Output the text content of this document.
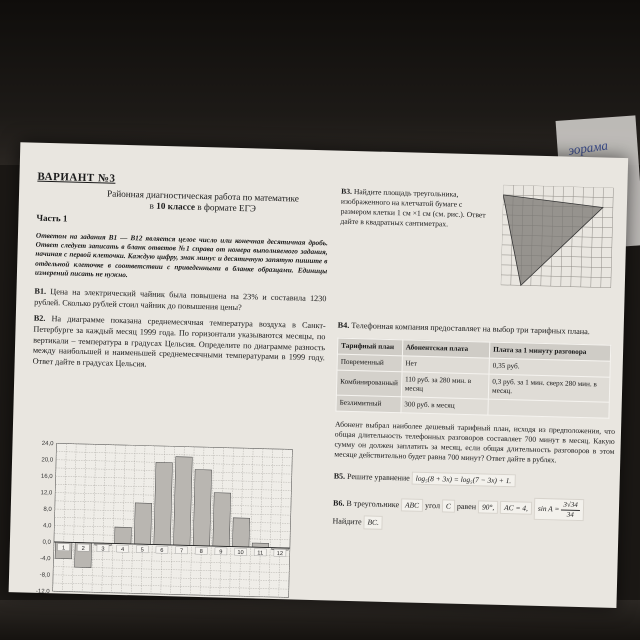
эорама
ВАРИАНТ №3
Районная диагностическая работа по математике
в 10 классе в формате ЕГЭ
Часть 1
Ответом на задания В1 — В12 является целое число или конечная десятичная дробь. Ответ следует записать в бланк ответов №1 справа от номера выполняемого задания, начиная с первой клеточки. Каждую цифру, знак минус и десятичную запятую пишите в отдельной клеточке в соответствии с приведенными в бланке образцами. Единицы измерений писать не нужно.
В1. Цена на электрический чайник была повышена на 23% и составила 1230 рублей. Сколько рублей стоил чайник до повышения цены?
В2. На диаграмме показана среднемесячная температура воздуха в Санкт-Петербурге за каждый месяц 1999 года. По горизонтали указываются месяцы, по вертикали – температура в градусах Цельсия. Определите по диаграмме разность между наибольшей и наименьшей среднемесячными температурами в 1999 году. Ответ дайте в градусах Цельсия.
1	2	3	4	5	6	7	8	9	10 11 12
24,0
20,0
16,0
12,0
8,0
4,0
0,0
-4,0
-8,0
-12,0
В3. Найдите площадь треугольника, изображенного на клетчатой бумаге с размером клетки 1 см ×1 см (см. рис.). Ответ дайте в квадратных сантиметрах.
В4. Телефонная компания предоставляет на выбор три тарифных плана.
Тарифный план	Абонентская плата	Плата за 1 минуту разговора
Повременный	Нет	0,35 руб.
Комбинированный	110 руб. за 280 мин. в месяц	0,3 руб. за 1 мин. сверх 280 мин. в месяц.
Безлимитный	300 руб. в месяц	
Абонент выбрал наиболее дешевый тарифный план, исходя из предположения, что общая длительность телефонных разговоров составляет 700 минут в месяц. Какую сумму он должен заплатить за месяц, если общая длительность разговоров в этом месяце действительно будет равна 700 минут? Ответ дайте в рублях.
В5. Решите уравнение log₅(8 + 3x) = log₅(7 − 3x) + 1.
В6. В треугольнике ABC угол C равен 90°, AC = 4, $\sin A = \frac{3√34}{34}$

Найдите BC.
